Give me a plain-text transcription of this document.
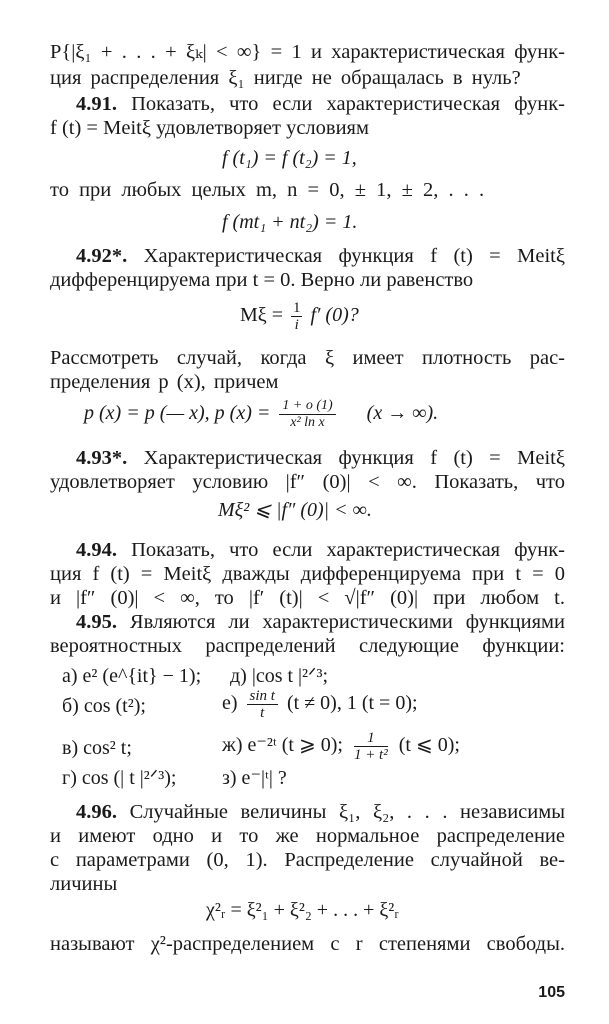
P{|ξ₁ + . . . + ξₖ| < ∞} = 1 и характеристическая функ-
ция распределения ξ₁ нигде не обращалась в нуль?
4.91. Показать, что если характеристическая функ-
f (t) = Meitξ удовлетворяет условиям
f (t₁) = f (t₂) = 1,
то при любых целых m, n = 0, ± 1, ± 2, . . .
f (mt₁ + nt₂) = 1.
4.92*. Характеристическая функция f (t) = Meitξ
дифференцируема при t = 0. Верно ли равенство
$M\xi = \frac{1}{i} f'$ (0)?
Рассмотреть случай, когда ξ имеет плотность рас-
пределения p (x), причем
p (x) = p (— x), p $(x) = \frac{1 + o (1)}{\text{x² ln x}} (x$ → ∞).
4.93*. Характеристическая функция f (t) = Meitξ
удовлетворяет условию |f″ (0)| < ∞. Показать, что
Mξ² ⩽ |f″ (0)| < ∞.
4.94. Показать, что если характеристическая функ-
ция f (t) = Meitξ дважды дифференцируема при t = 0
и |f″ (0)| < ∞, то |f′ (t)| < √|f″ (0)| при любом t.
4.95. Являются ли характеристическими функциями
вероятностных распределений следующие функции:
а) e² (e^{it} − 1); д) |cos t |²ᐟ³;
б) cos (t²);	$е) \frac{\text{sin t}}{t} (t \ne 0)$, 1 (t = 0);
в) cos² t;	ж) e⁻²ᵗ (t ⩾ 0); $\frac{1}{\text{1 + t²}} (t$ ⩽ 0);
г) cos (| t |²ᐟ³); з) e⁻|ᵗ| ?
4.96. Случайные величины ξ₁, ξ₂, . . . независимы
и имеют одно и то же нормальное распределение
с параметрами (0, 1). Распределение случайной ве-
личины
χ²ᵣ = ξ²₁ + ξ²₂ + . . . + ξ²ᵣ
называют χ²-распределением с r степенями свободы.
105
